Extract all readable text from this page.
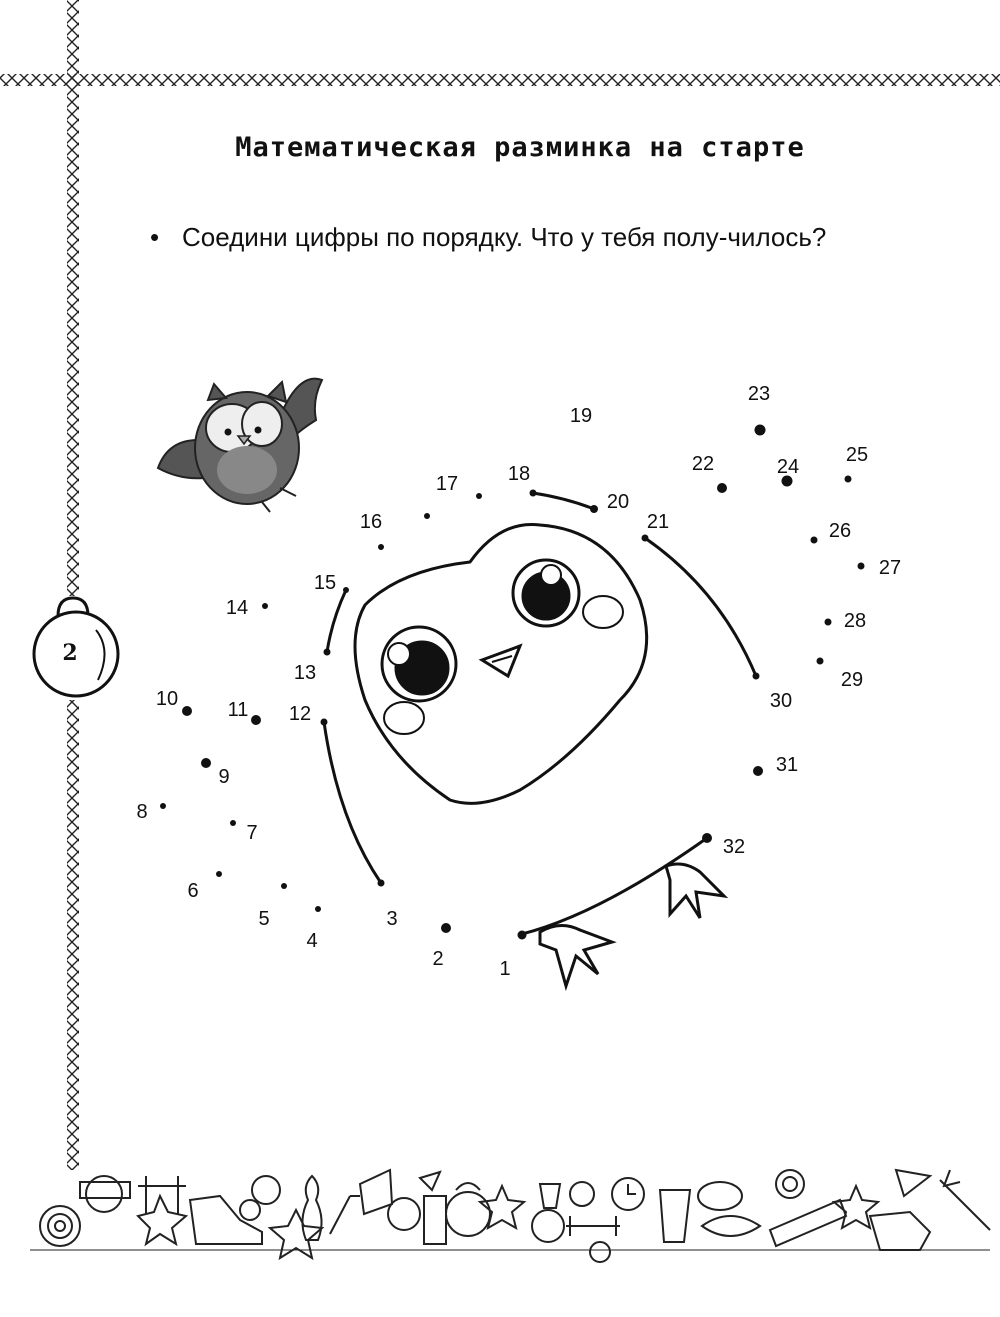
1
2
3
4
5
6
7
8
9
10 11 12
13
14
15
16
17 18
19
20
21
22
23
24
25
26
27
28
29
30
31
32
Математическая разминка на старте
• Соедини цифры по порядку. Что у тебя полу-чилось?
2
